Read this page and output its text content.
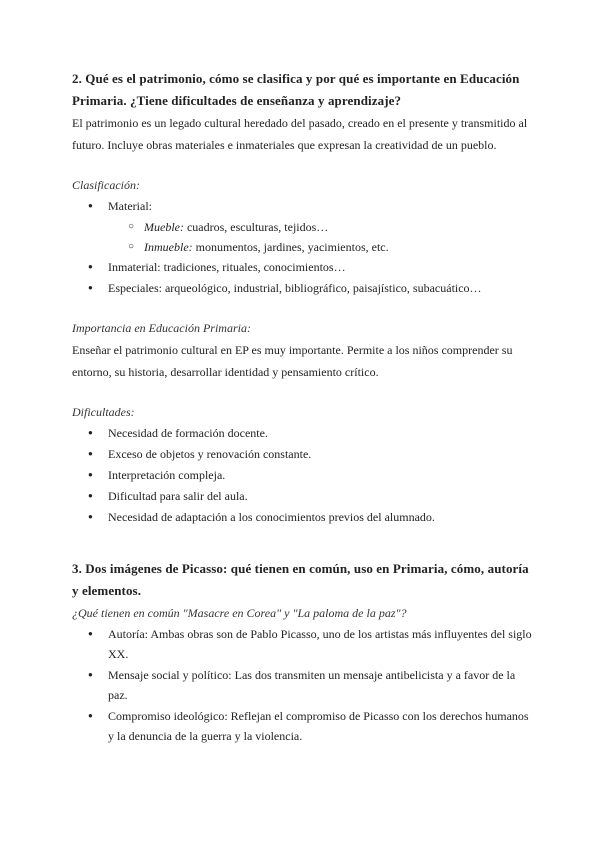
2. Qué es el patrimonio, cómo se clasifica y por qué es importante en Educación Primaria. ¿Tiene dificultades de enseñanza y aprendizaje?

El patrimonio es un legado cultural heredado del pasado, creado en el presente y transmitido al futuro. Incluye obras materiales e inmateriales que expresan la creatividad de un pueblo.

Clasificación:

● Material:
○ Mueble: cuadros, esculturas, tejidos…
○ Inmueble: monumentos, jardines, yacimientos, etc.
● Inmaterial: tradiciones, rituales, conocimientos…
● Especiales: arqueológico, industrial, bibliográfico, paisajístico, subacuático…

Importancia en Educación Primaria:

Enseñar el patrimonio cultural en EP es muy importante. Permite a los niños comprender su entorno, su historia, desarrollar identidad y pensamiento crítico.

Dificultades:

● Necesidad de formación docente.
● Exceso de objetos y renovación constante.
● Interpretación compleja.
● Dificultad para salir del aula.
● Necesidad de adaptación a los conocimientos previos del alumnado.
3. Dos imágenes de Picasso: qué tienen en común, uso en Primaria, cómo, autoría y elementos.

¿Qué tienen en común "Masacre en Corea" y "La paloma de la paz"?

● Autoría: Ambas obras son de Pablo Picasso, uno de los artistas más influyentes del siglo XX.
● Mensaje social y político: Las dos transmiten un mensaje antibelicista y a favor de la paz.
● Compromiso ideológico: Reflejan el compromiso de Picasso con los derechos humanos y la denuncia de la guerra y la violencia.
